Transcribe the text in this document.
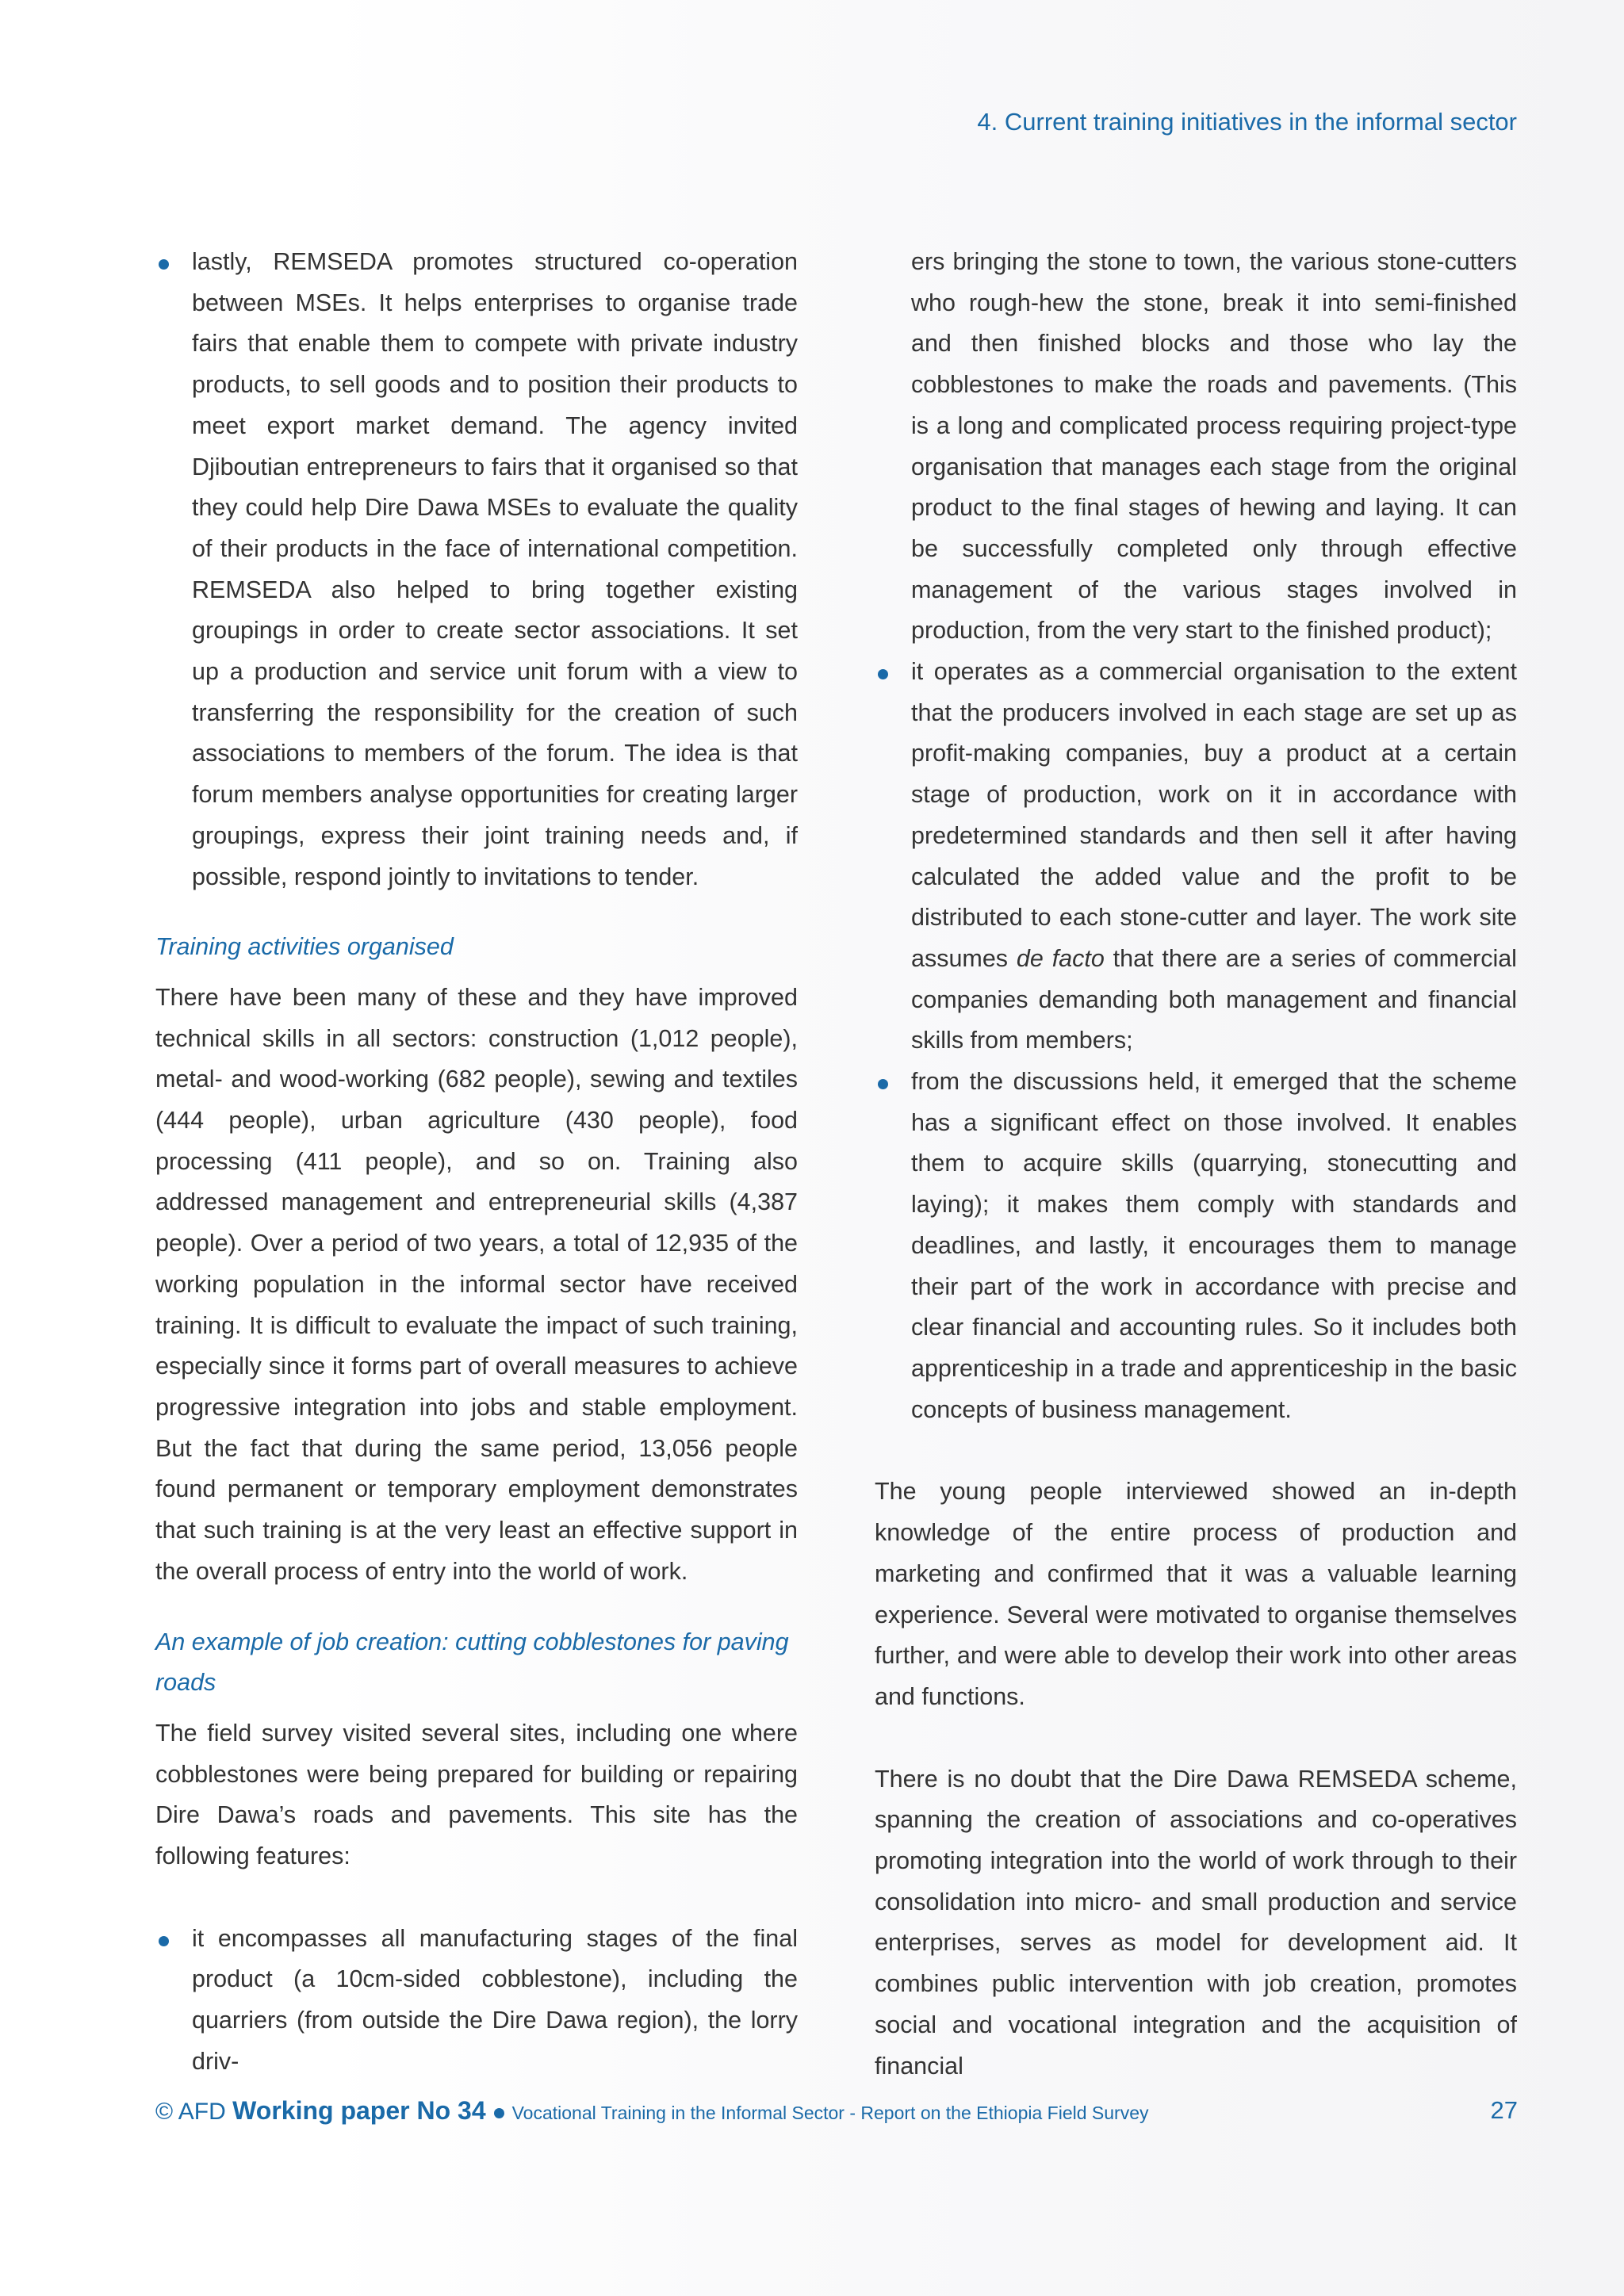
4. Current training initiatives in the informal sector

lastly, REMSEDA promotes structured co-operation between MSEs. It helps enterprises to organise trade fairs that enable them to compete with private industry products, to sell goods and to position their products to meet export market demand. The agency invited Djiboutian entrepreneurs to fairs that it organised so that they could help Dire Dawa MSEs to evaluate the quality of their products in the face of international competition. REMSEDA also helped to bring together existing groupings in order to create sector associations. It set up a production and service unit forum with a view to transferring the responsibility for the creation of such associations to members of the forum. The idea is that forum members analyse opportunities for creating larger groupings, express their joint training needs and, if possible, respond jointly to invitations to tender.

Training activities organised

There have been many of these and they have improved technical skills in all sectors: construction (1,012 people), metal- and wood-working (682 people), sewing and textiles (444 people), urban agriculture (430 people), food processing (411 people), and so on. Training also addressed management and entrepreneurial skills (4,387 people). Over a period of two years, a total of 12,935 of the working population in the informal sector have received training. It is difficult to evaluate the impact of such training, especially since it forms part of overall measures to achieve progressive integration into jobs and stable employment. But the fact that during the same period, 13,056 people found permanent or temporary employment demonstrates that such training is at the very least an effective support in the overall process of entry into the world of work.

An example of job creation: cutting cobblestones for paving roads

The field survey visited several sites, including one where cobblestones were being prepared for building or repairing Dire Dawa’s roads and pavements. This site has the following features:

it encompasses all manufacturing stages of the final product (a 10cm-sided cobblestone), including the quarriers (from outside the Dire Dawa region), the lorry driv-

ers bringing the stone to town, the various stone-cutters who rough-hew the stone, break it into semi-finished and then finished blocks and those who lay the cobblestones to make the roads and pavements. (This is a long and complicated process requiring project-type organisation that manages each stage from the original product to the final stages of hewing and laying. It can be successfully completed only through effective management of the various stages involved in production, from the very start to the finished product);

it operates as a commercial organisation to the extent that the producers involved in each stage are set up as profit-making companies, buy a product at a certain stage of production, work on it in accordance with predetermined standards and then sell it after having calculated the added value and the profit to be distributed to each stone-cutter and layer. The work site assumes de facto that there are a series of commercial companies demanding both management and financial skills from members;

from the discussions held, it emerged that the scheme has a significant effect on those involved. It enables them to acquire skills (quarrying, stonecutting and laying); it makes them comply with standards and deadlines, and lastly, it encourages them to manage their part of the work in accordance with precise and clear financial and accounting rules. So it includes both apprenticeship in a trade and apprenticeship in the basic concepts of business management.

The young people interviewed showed an in-depth knowledge of the entire process of production and marketing and confirmed that it was a valuable learning experience. Several were motivated to organise themselves further, and were able to develop their work into other areas and functions.

There is no doubt that the Dire Dawa REMSEDA scheme, spanning the creation of associations and co-operatives promoting integration into the world of work through to their consolidation into micro- and small production and service enterprises, serves as model for development aid. It combines public intervention with job creation, promotes social and vocational integration and the acquisition of financial

© AFD Working paper No 34 Vocational Training in the Informal Sector - Report on the Ethiopia Field Survey	27
